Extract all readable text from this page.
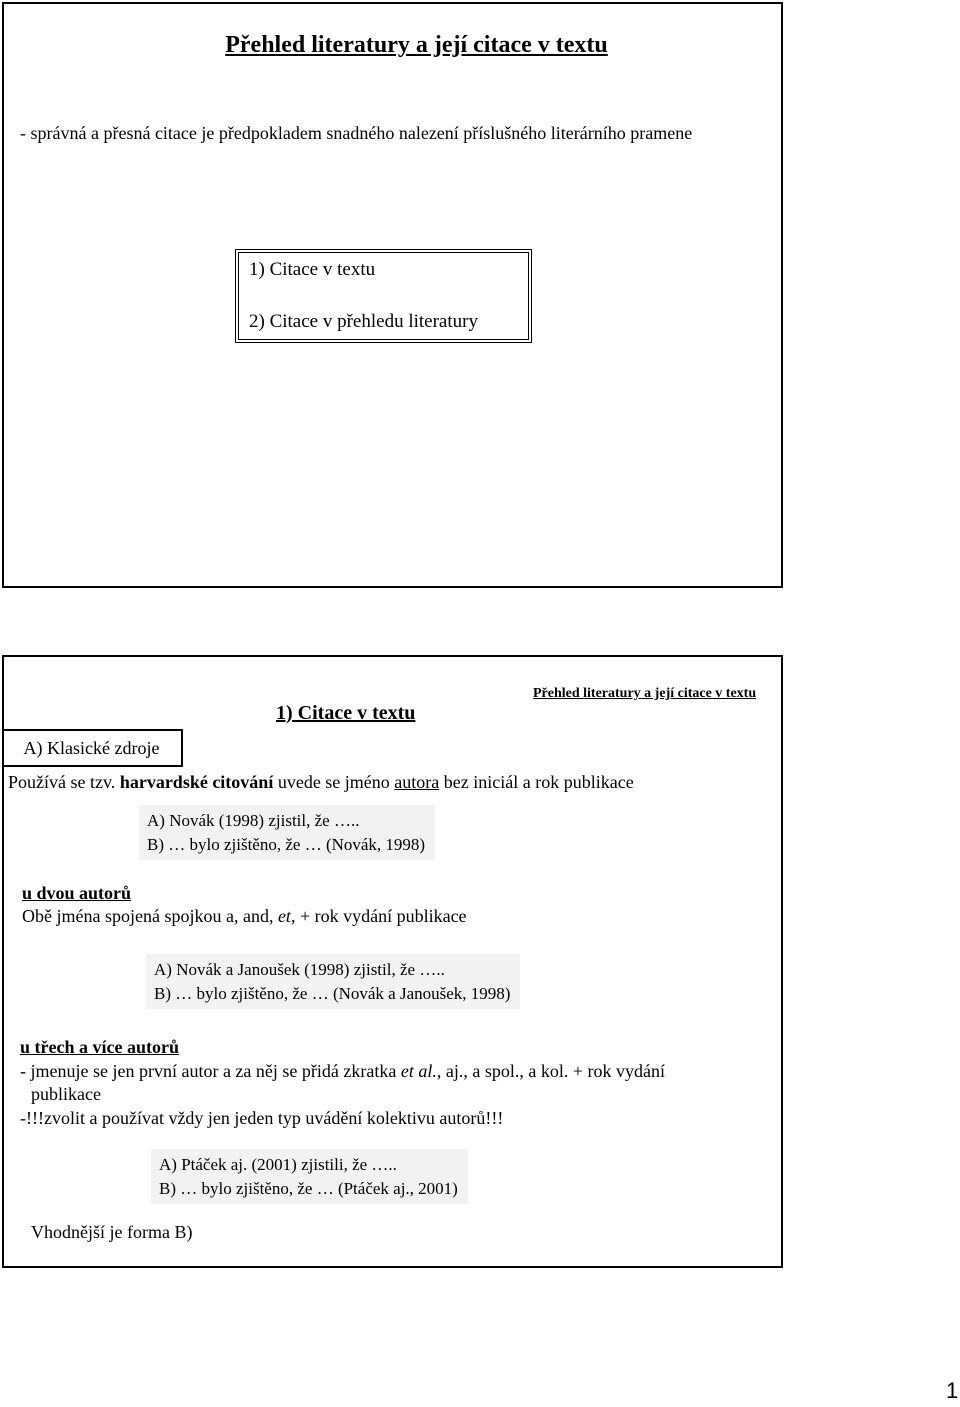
Přehled literatury a její citace v textu
- správná a přesná citace je předpokladem snadného nalezení příslušného literárního pramene
1) Citace v textu
2) Citace v přehledu literatury
Přehled literatury a její citace v textu
1) Citace v textu
A) Klasické zdroje
Používá se tzv. harvardské citování uvede se jméno autora bez iniciál a rok publikace
A) Novák (1998) zjistil, že …..
B) … bylo zjištěno, že … (Novák, 1998)
u dvou autorů
Obě jména spojená spojkou a, and, et, + rok vydání publikace
A) Novák a Janoušek (1998) zjistil, že …..
B) … bylo zjištěno, že … (Novák a Janoušek, 1998)
u třech a více autorů
- jmenuje se jen první autor a za něj se přidá zkratka et al., aj., a spol., a kol. + rok vydání
publikace
-!!!zvolit a používat vždy jen jeden typ uvádění kolektivu autorů!!!
A) Ptáček aj. (2001) zjistili, že …..
B) … bylo zjištěno, že … (Ptáček aj., 2001)
Vhodnější je forma B)
1
